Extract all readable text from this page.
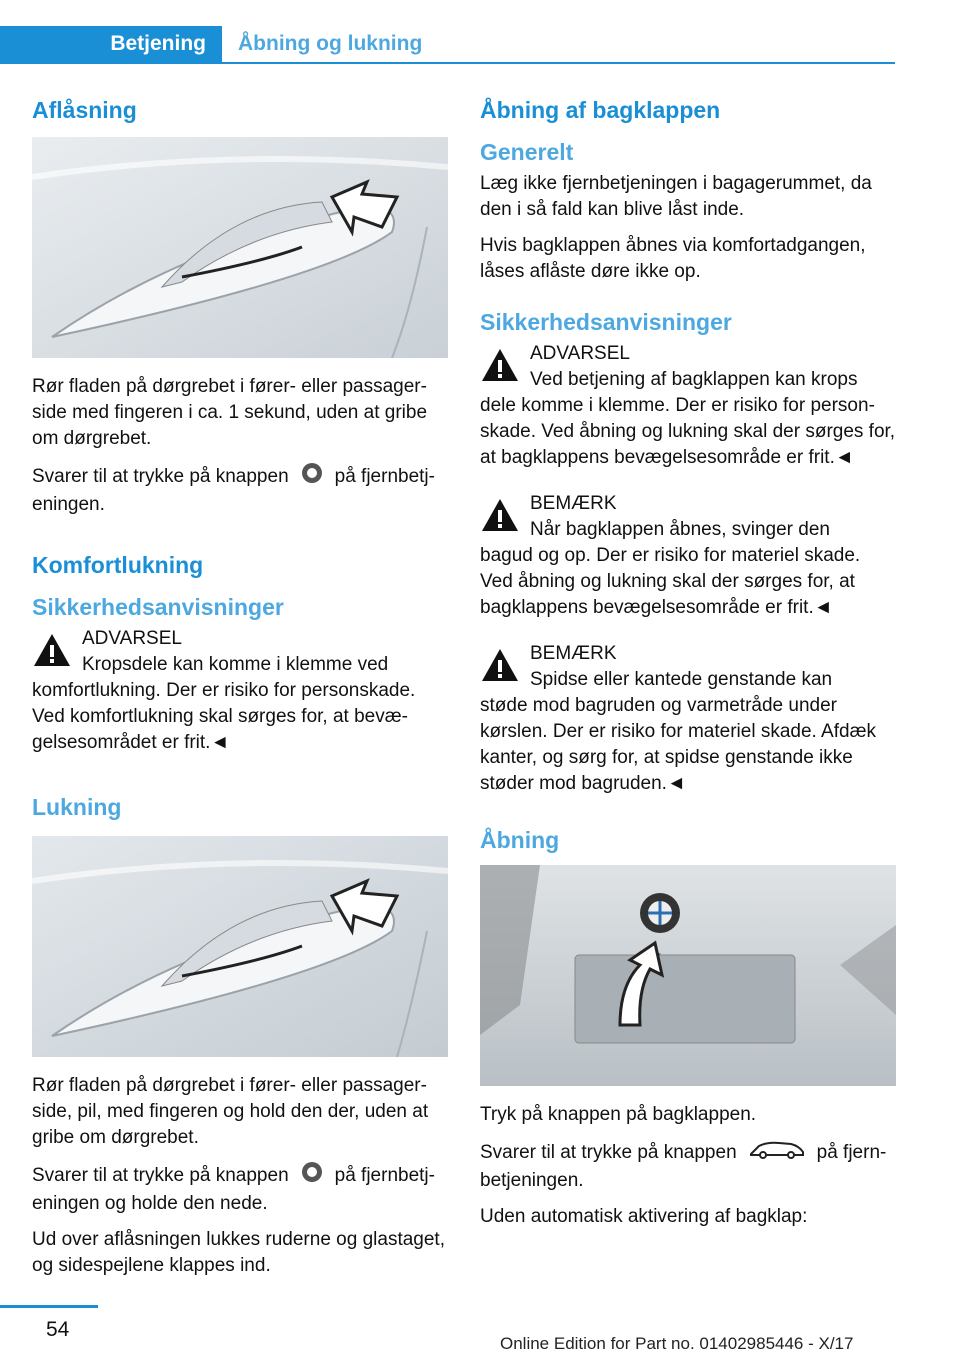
Betjening	Åbning og lukning
Aflåsning

Rør fladen på dørgrebet i fører- eller passagerside med fingeren i ca. 1 sekund, uden at gribe om dørgrebet.

Svarer til at trykke på knappen på fjernbetjeningen.

Komfortlukning
Sikkerhedsanvisninger
ADVARSEL
Kropsdele kan komme i klemme ved
komfortlukning. Der er risiko for personskade. Ved komfortlukning skal sørges for, at bevægelsesområdet er frit.◄
Lukning

Rør fladen på dørgrebet i fører- eller passagerside, pil, med fingeren og hold den der, uden at gribe om dørgrebet.

Svarer til at trykke på knappen på fjernbetjeningen og holde den nede.

Ud over aflåsningen lukkes ruderne og glastaget, og sidespejlene klappes ind.

Åbning af bagklappen
Generelt

Læg ikke fjernbetjeningen i bagagerummet, da den i så fald kan blive låst inde.

Hvis bagklappen åbnes via komfortadgangen, låses aflåste døre ikke op.

Sikkerhedsanvisninger
ADVARSEL
Ved betjening af bagklappen kan krops
dele komme i klemme. Der er risiko for personskade. Ved åbning og lukning skal der sørges for, at bagklappens bevægelsesområde er frit.◄
BEMÆRK
Når bagklappen åbnes, svinger den
bagud og op. Der er risiko for materiel skade. Ved åbning og lukning skal der sørges for, at bagklappens bevægelsesområde er frit.◄
BEMÆRK
Spidse eller kantede genstande kan
støde mod bagruden og varmetråde under kørslen. Der er risiko for materiel skade. Afdæk kanter, og sørg for, at spidse genstande ikke støder mod bagruden.◄
Åbning

Tryk på knappen på bagklappen.

Svarer til at trykke på knappen	på fjernbetjeningen.

Uden automatisk aktivering af bagklap:

54
Online Edition for Part no. 01402985446 - X/17
